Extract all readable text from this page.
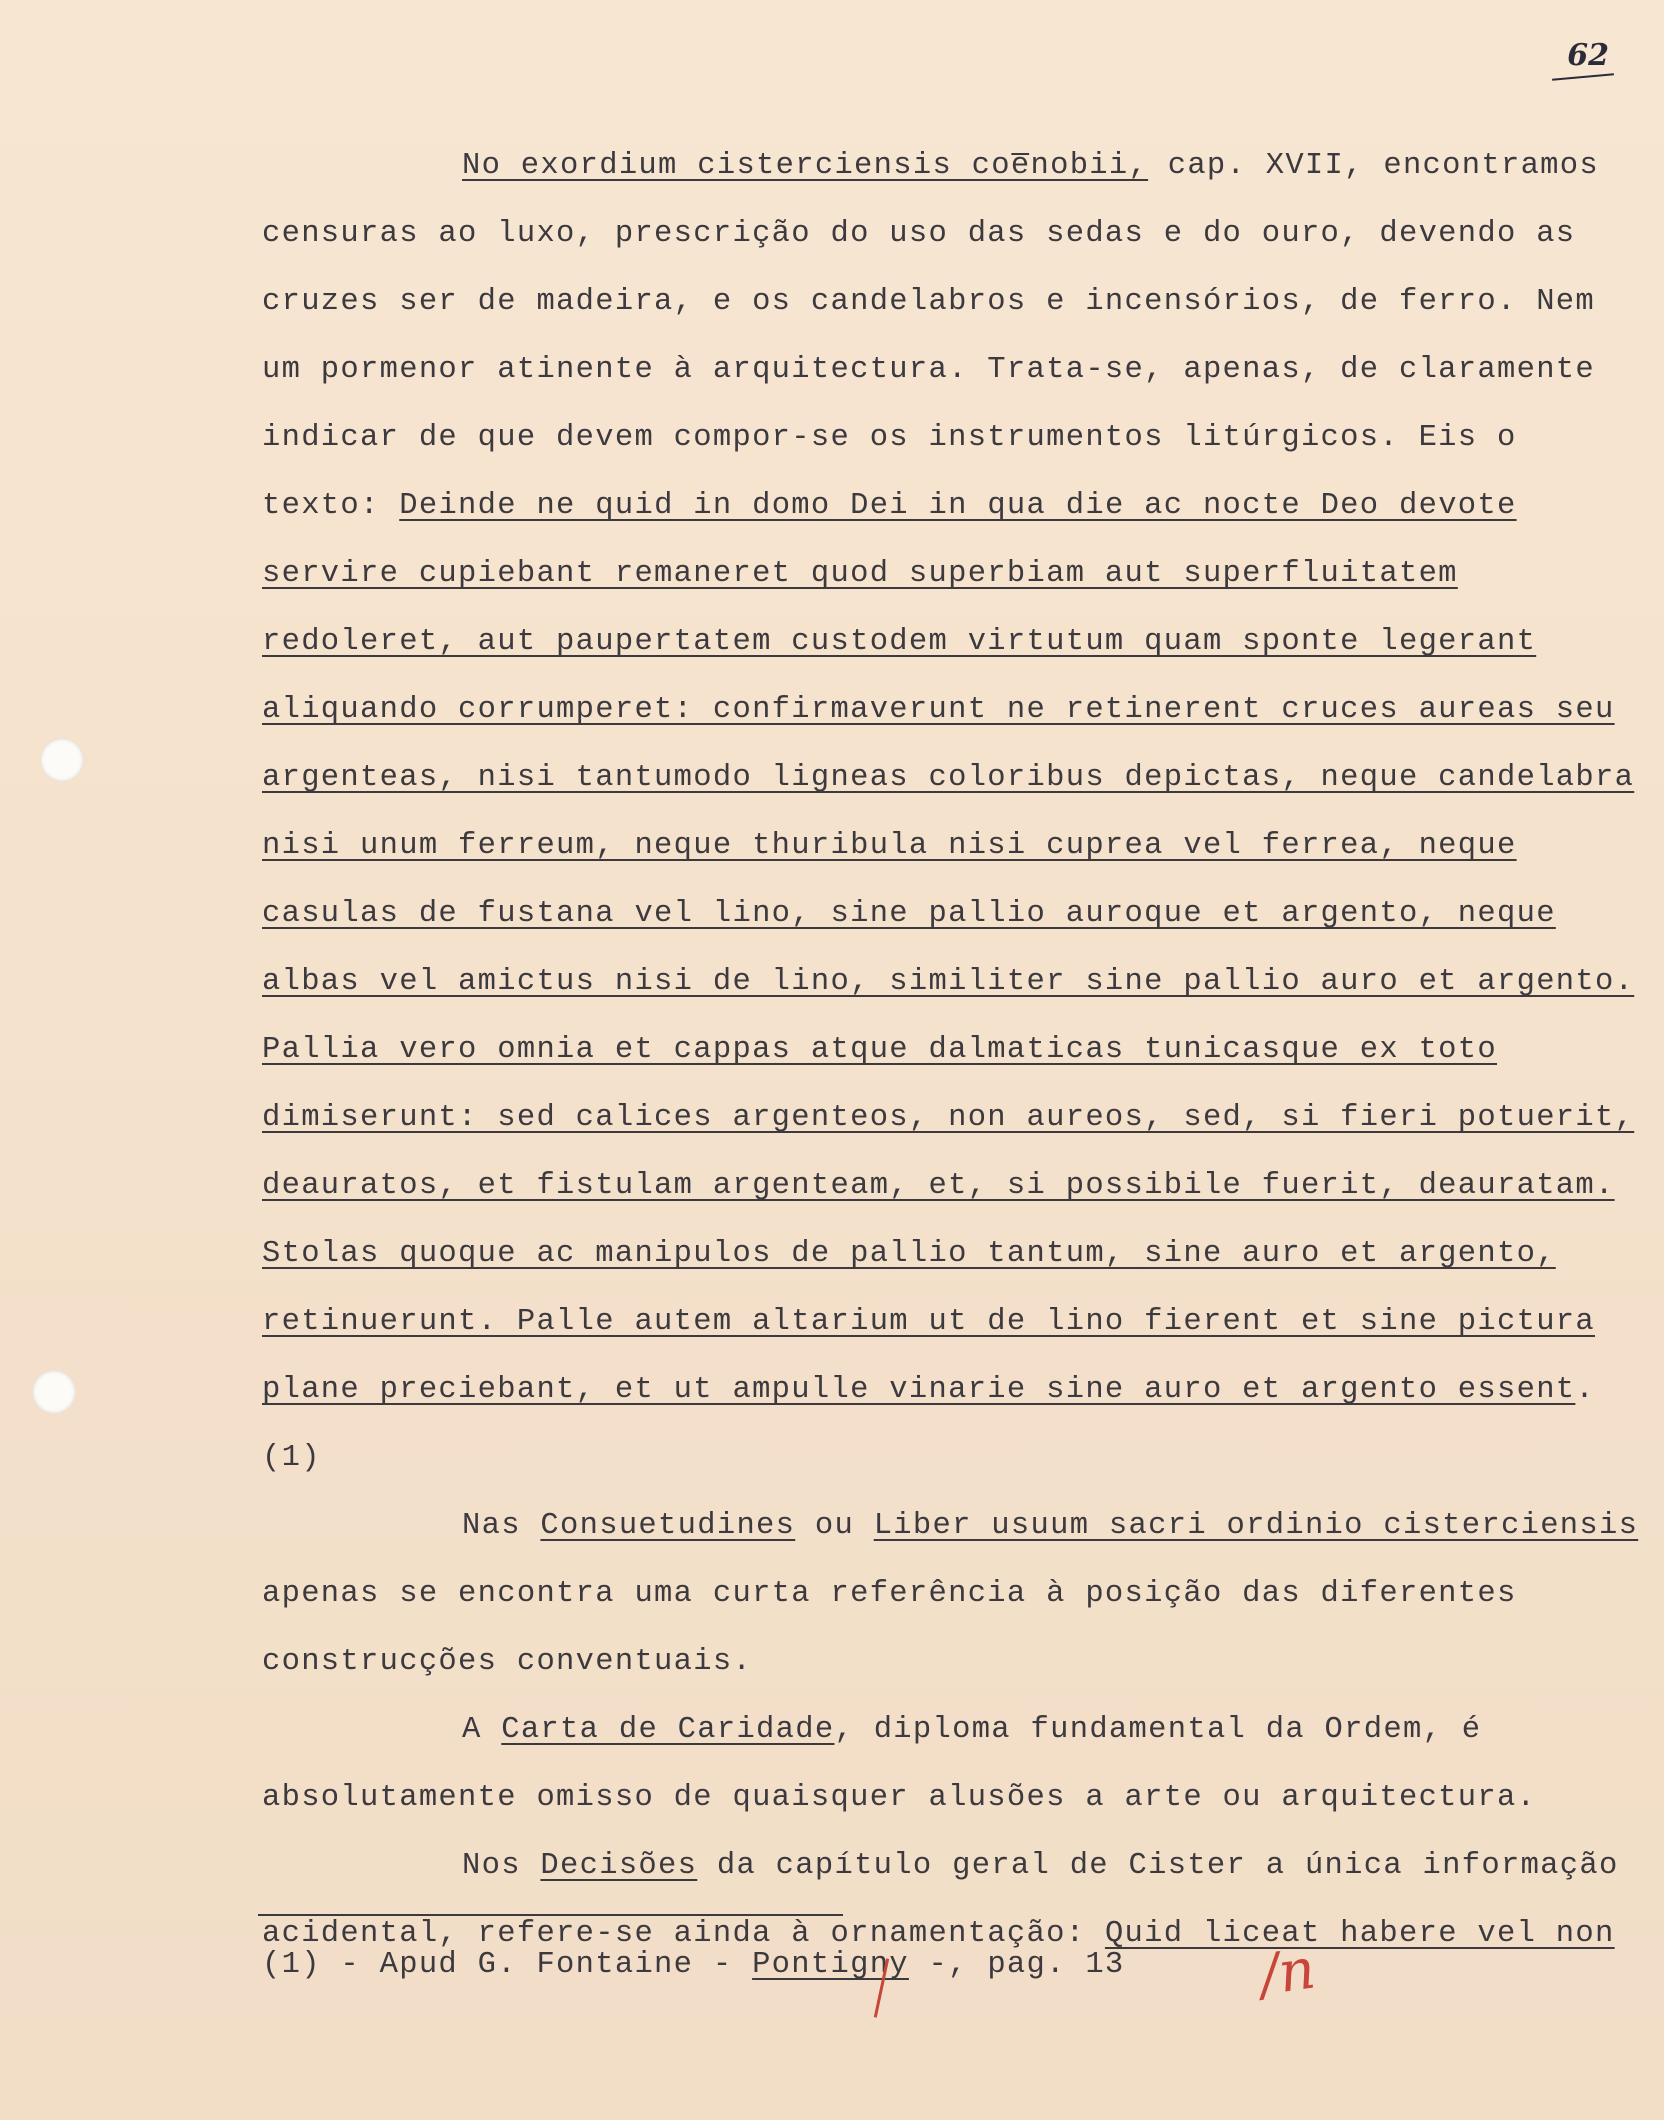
62

No exordium cisterciensis coe̅nobii, cap. XVII, encontramos censuras ao luxo, prescrição do uso das sedas e do ouro, devendo as cruzes ser de madeira, e os candelabros e incensórios, de ferro. Nem um pormenor atinente à arquitectura. Trata-se, apenas, de claramente indicar de que devem compor-se os instrumentos litúrgicos. Eis o texto: Deinde ne quid in domo Dei in qua die ac nocte Deo devote servire cupiebant remaneret quod superbiam aut superfluitatem redoleret, aut paupertatem custodem virtutum quam sponte legerant aliquando corrumperet: confirmaverunt ne retinerent cruces aureas seu argenteas, nisi tantumodo ligneas coloribus depictas, neque candelabra nisi unum ferreum, neque thuribula nisi cuprea vel ferrea, neque casulas de fustana vel lino, sine pallio auroque et argento, neque albas vel amictus nisi de lino, similiter sine pallio auro et argento. Pallia vero omnia et cappas atque dalmaticas tunicasque ex toto dimiserunt: sed calices argenteos, non aureos, sed, si fieri potuerit, deauratos, et fistulam argenteam, et, si possibile fuerit, deauratam. Stolas quoque ac manipulos de pallio tantum, sine auro et argento, retinuerunt. Palle autem altarium ut de lino fierent et sine pictura plane preciebant, et ut ampulle vinarie sine auro et argento essent. (1)

Nas Consuetudines ou Liber usuum sacri ordinio cisterciensis apenas se encontra uma curta referência à posição das diferentes construcções conventuais.

A Carta de Caridade, diploma fundamental da Ordem, é absolutamente omisso de quaisquer alusões a arte ou arquitectura.

Nos Decisões da capítulo geral de Cister a única informação acidental, refere-se ainda à ornamentação: Quid liceat habere vel non

(1) - Apud G. Fontaine - Pontigny -, pag. 13 /n
